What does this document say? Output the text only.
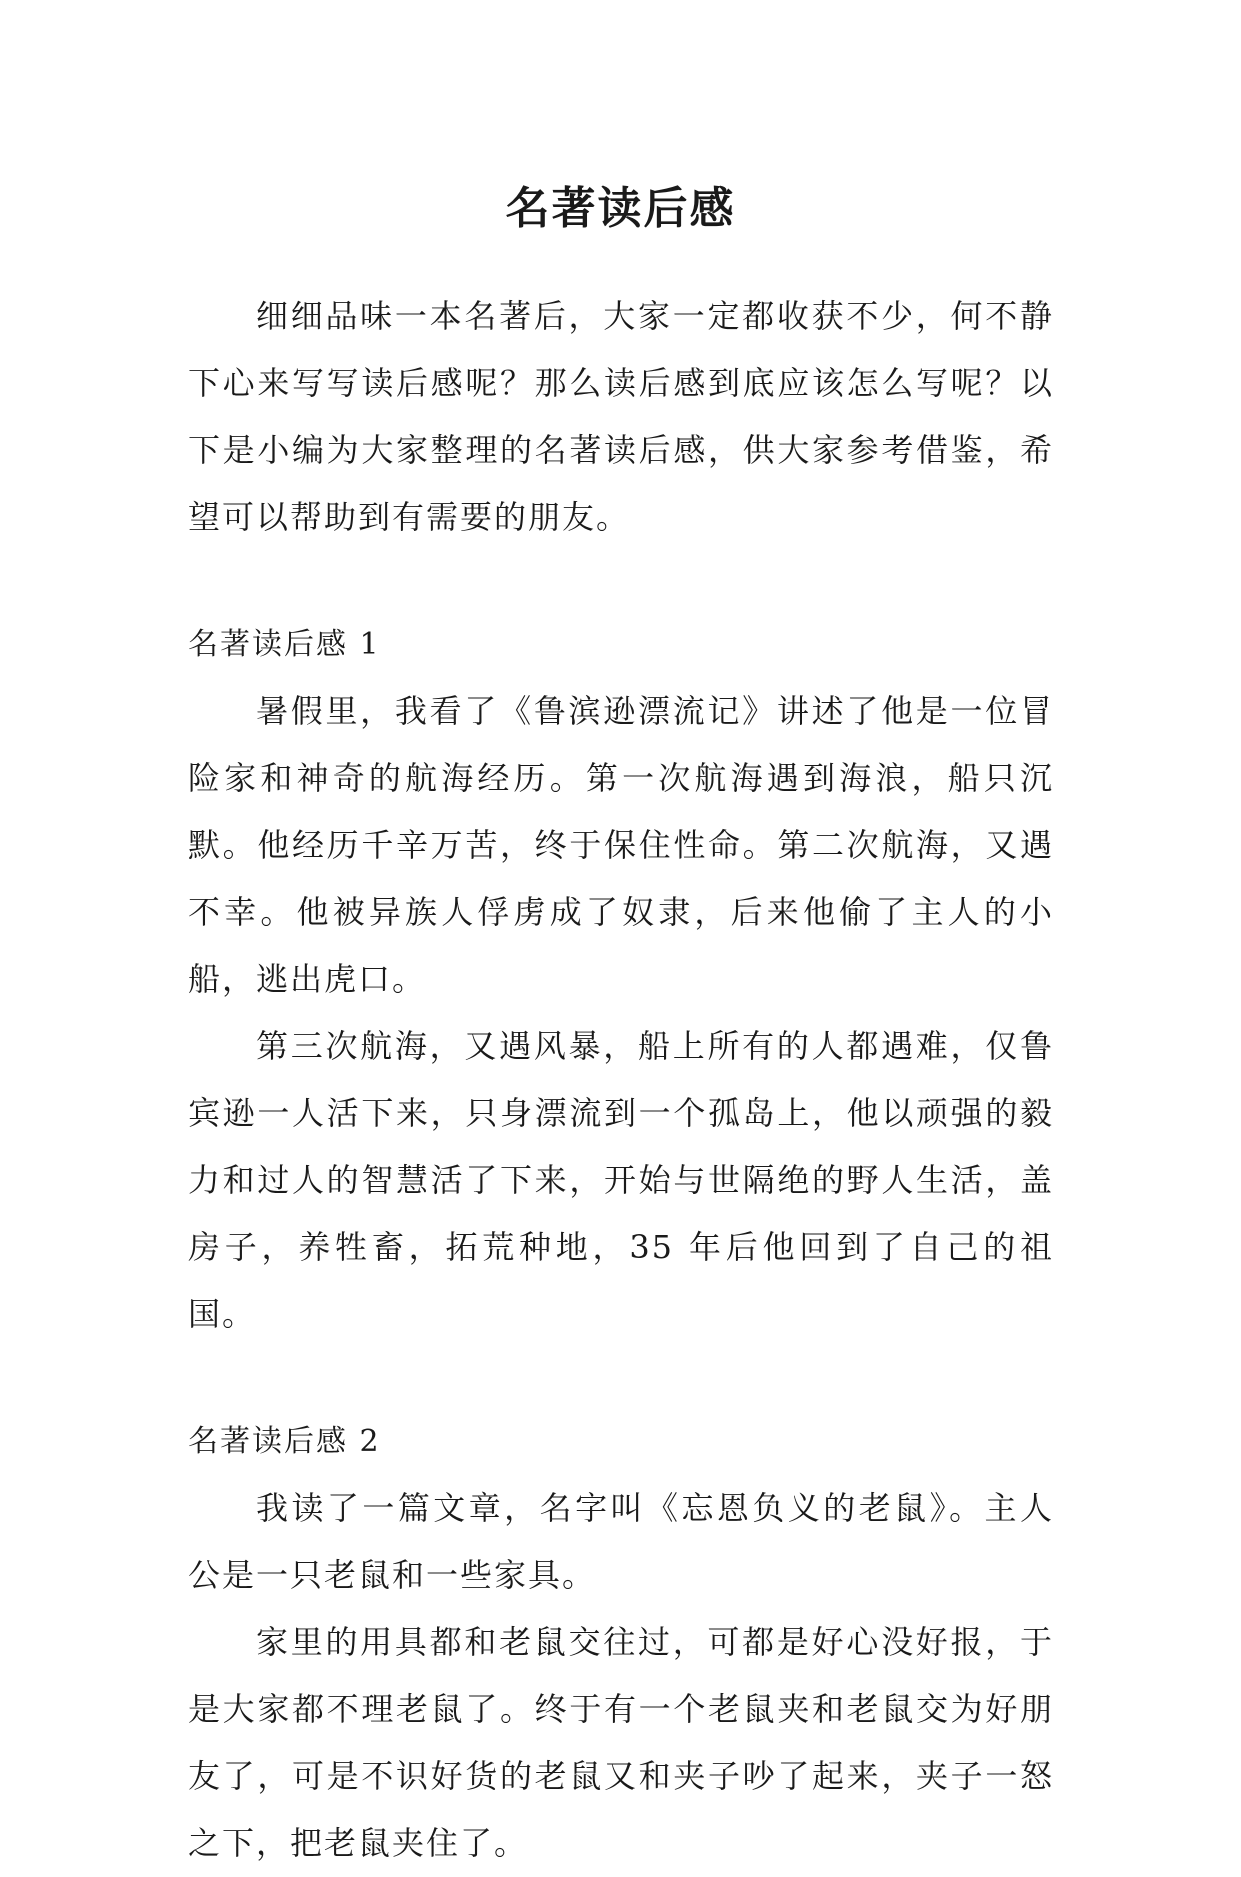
名著读后感

细细品味一本名著后，大家一定都收获不少，何不静下心来写写读后感呢？那么读后感到底应该怎么写呢？以下是小编为大家整理的名著读后感，供大家参考借鉴，希望可以帮助到有需要的朋友。

名著读后感 1

暑假里，我看了《鲁滨逊漂流记》讲述了他是一位冒险家和神奇的航海经历。第一次航海遇到海浪，船只沉默。他经历千辛万苦，终于保住性命。第二次航海，又遇不幸。他被异族人俘虏成了奴隶，后来他偷了主人的小船，逃出虎口。

第三次航海，又遇风暴，船上所有的人都遇难，仅鲁宾逊一人活下来，只身漂流到一个孤岛上，他以顽强的毅力和过人的智慧活了下来，开始与世隔绝的野人生活，盖房子，养牲畜，拓荒种地，35 年后他回到了自己的祖国。

名著读后感 2

我读了一篇文章，名字叫《忘恩负义的老鼠》。主人公是一只老鼠和一些家具。

家里的用具都和老鼠交往过，可都是好心没好报，于是大家都不理老鼠了。终于有一个老鼠夹和老鼠交为好朋友了，可是不识好货的老鼠又和夹子吵了起来，夹子一怒之下，把老鼠夹住了。
